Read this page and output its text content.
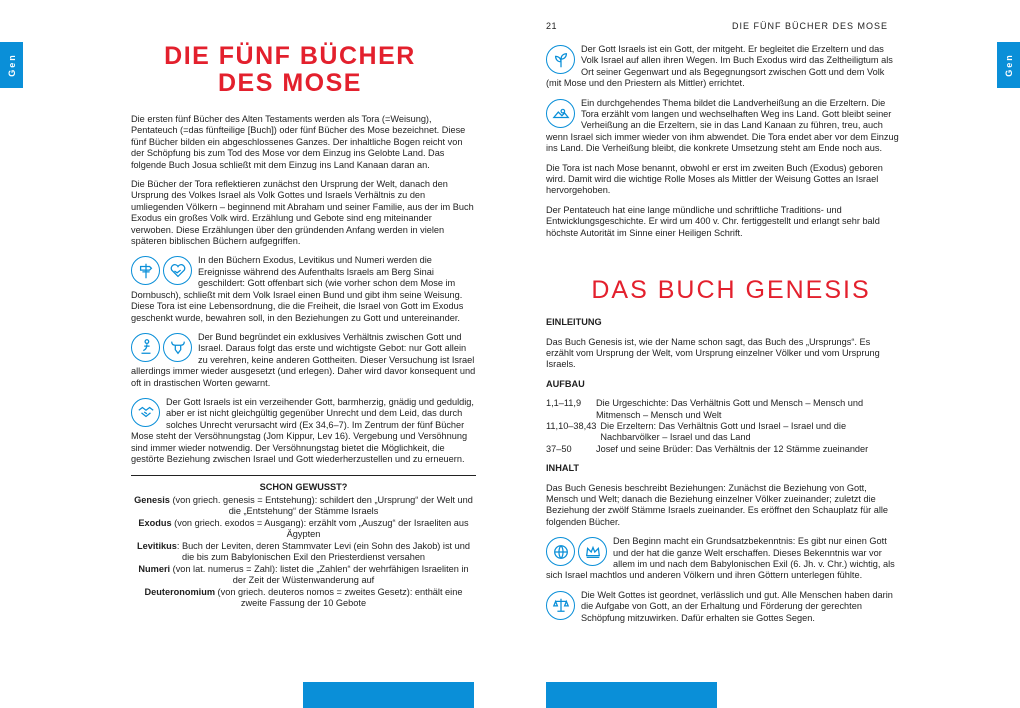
Gen	DIE FÜNF BÜCHER
DES MOSE

Die ersten fünf Bücher des Alten Testaments werden als Tora (=Weisung), Pentateuch (=das fünfteilige [Buch]) oder fünf Bücher des Mose bezeichnet. Diese fünf Bücher bilden ein abgeschlossenes Ganzes. Der inhaltliche Bogen reicht von der Schöpfung bis zum Tod des Mose vor dem Einzug ins Gelobte Land. Das folgende Buch Josua schließt mit dem Einzug ins Land Kanaan daran an.

Die Bücher der Tora reflektieren zunächst den Ursprung der Welt, danach den Ursprung des Volkes Israel als Volk Gottes und Israels Verhältnis zu den umliegenden Völkern – beginnend mit Abraham und seiner Familie, aus der im Buch Exodus ein großes Volk wird. Erzählung und Gebote sind eng miteinander verwoben. Diese Erzählungen über den gründenden Anfang werden in vielen späteren biblischen Büchern aufgegriffen.

In den Büchern Exodus, Levitikus und Numeri werden die Ereignisse während des Aufenthalts Israels am Berg Sinai geschildert: Gott offenbart sich (wie vorher schon dem Mose im Dornbusch), schließt mit dem Volk Israel einen Bund und gibt ihm seine Weisung. Diese Tora ist eine Lebensordnung, die die Freiheit, die Israel von Gott im Exodus geschenkt wurde, bewahren soll, in den Beziehungen zu Gott und untereinander.

Der Bund begründet ein exklusives Verhältnis zwischen Gott und Israel. Daraus folgt das erste und wichtigste Gebot: nur Gott allein zu verehren, keine anderen Gottheiten. Dieser Versuchung ist Israel allerdings immer wieder ausgesetzt (und erlegen). Daher wird davor konsequent und oft in drastischen Worten gewarnt.

Der Gott Israels ist ein verzeihender Gott, barmherzig, gnädig und geduldig, aber er ist nicht gleichgültig gegenüber Unrecht und dem Leid, das durch solches Unrecht verursacht wird (Ex 34,6–7). Im Zentrum der fünf Bücher Mose steht der Versöhnungstag (Jom Kippur, Lev 16). Vergebung und Versöhnung sind immer wieder notwendig. Der Versöhnungstag bietet die Möglichkeit, die gestörte Beziehung zwischen Israel und Gott wiederherzustellen und zu erneuern.

SCHON GEWUSST?
Genesis (von griech. genesis = Entstehung): schildert den „Ursprung“ der Welt und die „Entstehung“ der Stämme Israels
Exodus (von griech. exodos = Ausgang): erzählt vom „Auszug“ der Israeliten aus Ägypten
Levitikus: Buch der Leviten, deren Stammvater Levi (ein Sohn des Jakob) ist und die bis zum Babylonischen Exil den Priesterdienst versahen
Numeri (von lat. numerus = Zahl): listet die „Zahlen“ der wehrfähigen Israeliten in der Zeit der Wüstenwanderung auf
Deuteronomium (von griech. deuteros nomos = zweites Gesetz): enthält eine zweite Fassung der 10 Gebote
21	DIE FÜNF BÜCHER DES MOSE
Gen

Der Gott Israels ist ein Gott, der mitgeht. Er begleitet die Erzeltern und das Volk Israel auf allen ihren Wegen. Im Buch Exodus wird das Zeltheiligtum als Ort seiner Gegenwart und als Begegnungsort zwischen Gott und dem Volk (mit Mose und den Priestern als Mittler) errichtet.

Ein durchgehendes Thema bildet die Landverheißung an die Erzeltern. Die Tora erzählt vom langen und wechselhaften Weg ins Land. Gott bleibt seiner Verheißung an die Erzeltern, sie in das Land Kanaan zu führen, treu, auch wenn Israel sich immer wieder von ihm abwendet. Die Tora endet aber vor dem Einzug ins Land. Die Verheißung bleibt, die konkrete Umsetzung steht am Ende noch aus.

Die Tora ist nach Mose benannt, obwohl er erst im zweiten Buch (Exodus) geboren wird. Damit wird die wichtige Rolle Moses als Mittler der Weisung Gottes an Israel hervorgehoben.

Der Pentateuch hat eine lange mündliche und schriftliche Traditions- und Entwicklungsgeschichte. Er wird um 400 v. Chr. fertiggestellt und erlangt sehr bald höchste Autorität im Sinne einer Heiligen Schrift.

EINLEITUNG

Das Buch Genesis ist, wie der Name schon sagt, das Buch des „Ursprungs“. Es erzählt vom Ursprung der Welt, vom Ursprung einzelner Völker und vom Ursprung Israels.

AUFBAU

1,1–11,9	Die Urgeschichte: Das Verhältnis Gott und Mensch – Mensch und Mitmensch – Mensch und Welt
11,10–38,43 Die Erzeltern: Das Verhältnis Gott und Israel – Israel und die Nachbarvölker – Israel und das Land
37–50	Josef und seine Brüder: Das Verhältnis der 12 Stämme zueinander

INHALT

Das Buch Genesis beschreibt Beziehungen: Zunächst die Beziehung von Gott, Mensch und Welt; danach die Beziehung einzelner Völker zueinander; zuletzt die Beziehung der zwölf Stämme Israels zueinander. Es eröffnet den Schauplatz für alle folgenden Bücher.

Den Beginn macht ein Grundsatzbekenntnis: Es gibt nur einen Gott und der hat die ganze Welt erschaffen. Dieses Bekenntnis war vor allem im und nach dem Babylonischen Exil (6. Jh. v. Chr.) wichtig, als sich Israel machtlos und anderen Völkern und ihren Göttern unterlegen fühlte.

Die Welt Gottes ist geordnet, verlässlich und gut. Alle Menschen haben darin die Aufgabe von Gott, an der Erhaltung und Förderung der gerechten Schöpfung mitzuwirken. Dafür erhalten sie Gottes Segen.

DAS BUCH GENESIS
